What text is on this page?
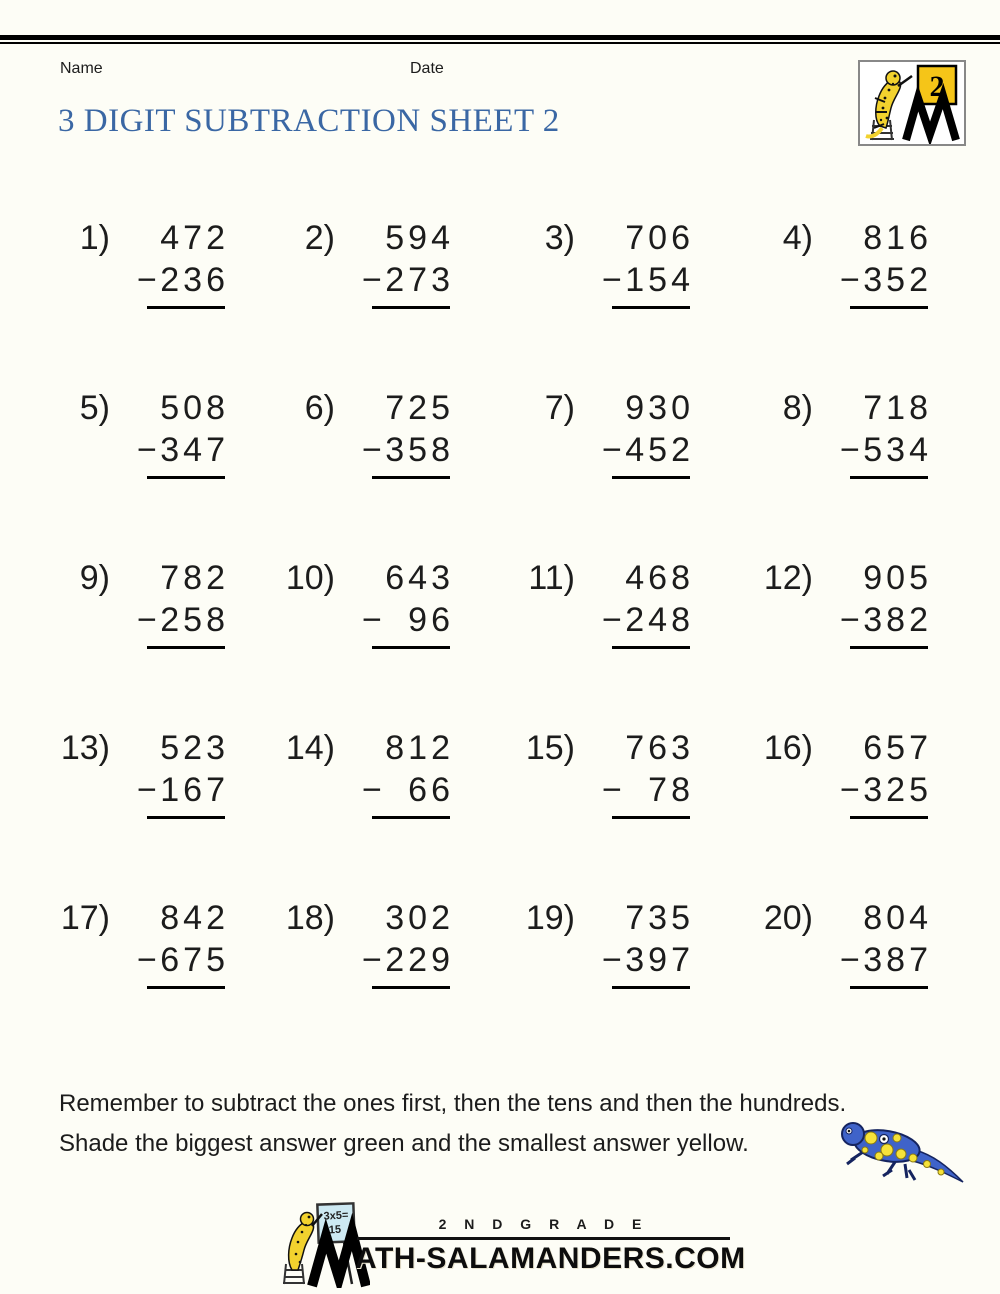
Name	Date
2
3 DIGIT SUBTRACTION SHEET 2
1)	472
− 236
2)	594
− 273
3)	706
− 154
4)	816
− 352
5)	508
− 347
6)	725
− 358
7)	930
− 452
8)	718
− 534
9)	782
− 258
10)	643
− 96
11)	468
− 248
12)	905
− 382
13)	523
− 167
14)	812
− 66
15)	763
− 78
16)	657
− 325
17)	842
− 675
18)	302
− 229
19)	735
− 397
20)	804
− 387
Remember to subtract the ones first, then the tens and then the hundreds.
Shade the biggest answer green and the smallest answer yellow.
3x5=
15	2 N D G R A D E
ATH-SALAMANDERS.COM
